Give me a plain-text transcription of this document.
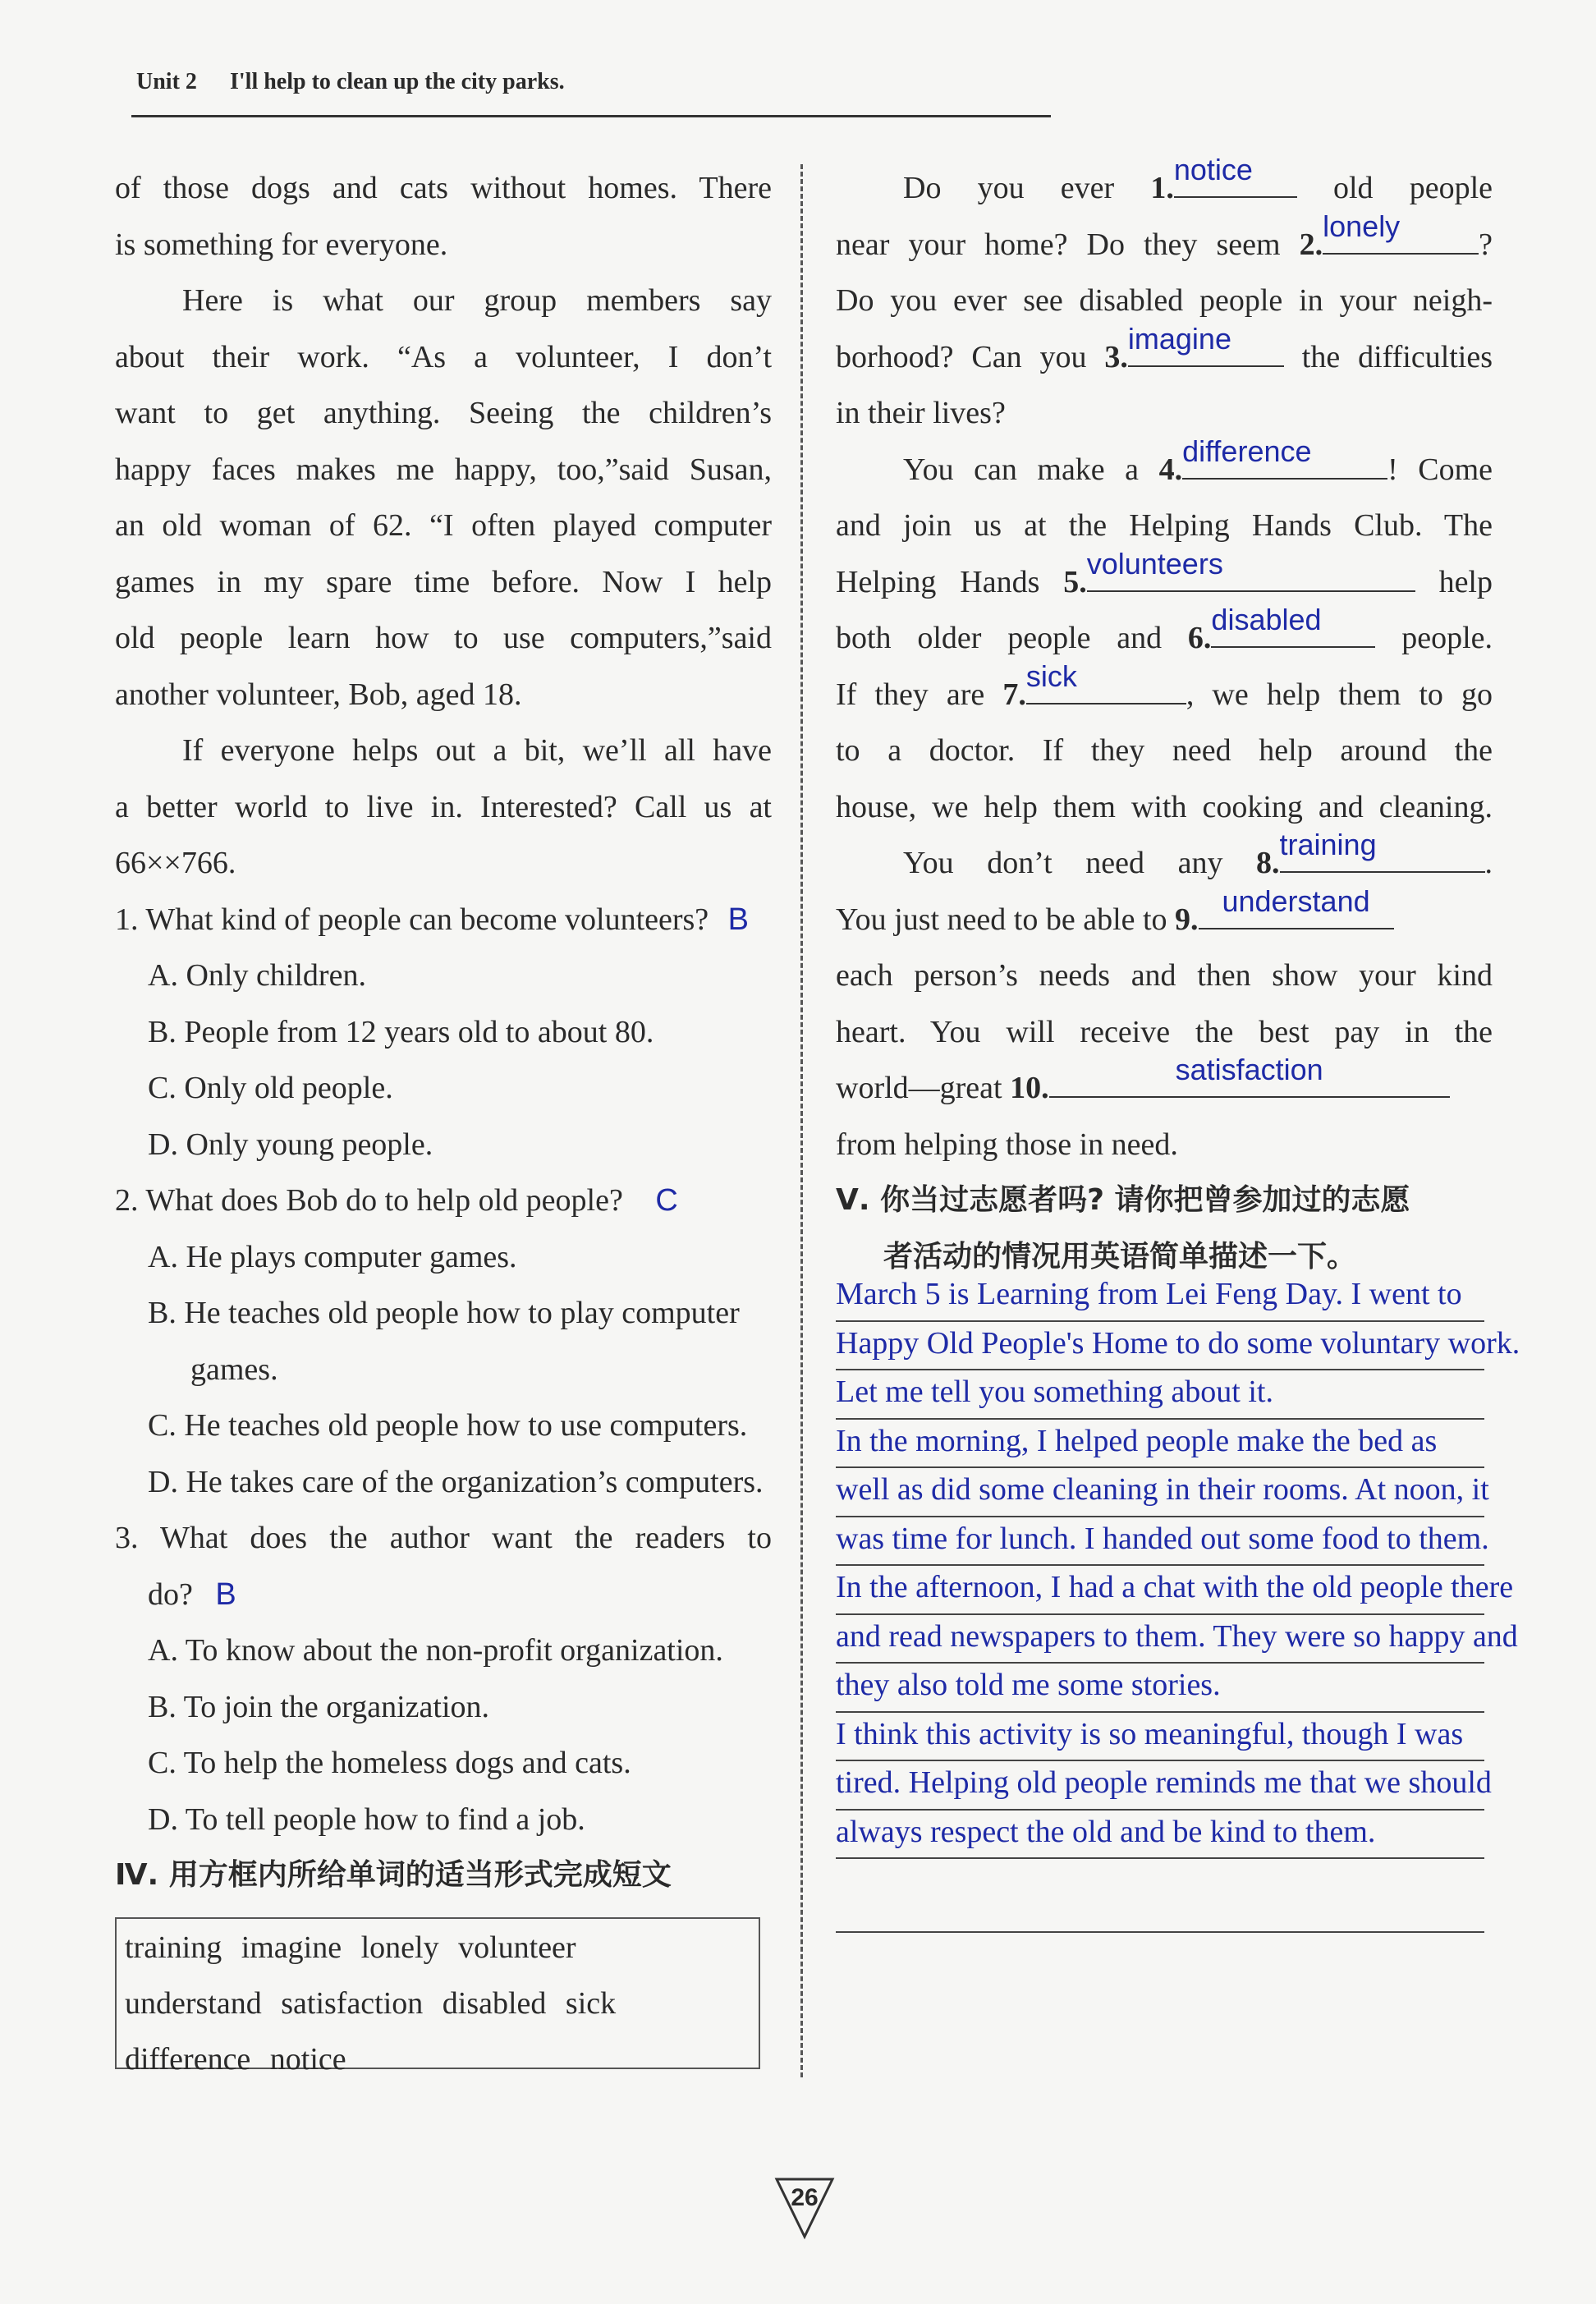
Unit 2 I'll help to clean up the city parks.
of those dogs and cats without homes. There
is something for everyone.
Here is what our group members say
about their work. “As a volunteer, I don’t
want to get anything. Seeing the children’s
happy faces makes me happy, too,”said Susan,
an old woman of 62. “I often played computer
games in my spare time before. Now I help
old people learn how to use computers,”said
another volunteer, Bob, aged 18.
If everyone helps out a bit, we’ll all have
a better world to live in. Interested? Call us at
66××766.
1. What kind of people can become volunteers? B
A. Only children.
B. People from 12 years old to about 80.
C. Only old people.
D. Only young people.
2. What does Bob do to help old people? C
A. He plays computer games.
B. He teaches old people how to play computer
games.
C. He teaches old people how to use computers.
D. He takes care of the organization’s computers.
3. What does the author want the readers to
do? B
A. To know about the non-profit organization.
B. To join the organization.
C. To help the homeless dogs and cats.
D. To tell people how to find a job.
Ⅳ. 用方框内所给单词的适当形式完成短文
training imagine lonely volunteer
understand satisfaction disabled sick
difference notice
Do you ever 1.
notice
old people
near your home? Do they seem 2.
lonely
?
Do you ever see disabled people in your neigh-
borhood? Can you 3.
imagine
the difficulties
in their lives?
You can make a 4.
difference
! Come
and join us at the Helping Hands Club. The
Helping Hands 5.
volunteers
help
both older people and 6.
disabled
people.
If they are 7.
sick
, we help them to go
to a doctor. If they need help around the
house, we help them with cooking and cleaning.
You don’t need any 8.
training
.
You just need to be able to 9.
understand
each person’s needs and then show your kind
heart. You will receive the best pay in the
world—great 10.
satisfaction
from helping those in need.
Ⅴ. 你当过志愿者吗? 请你把曾参加过的志愿
者活动的情况用英语简单描述一下。
March 5 is Learning from Lei Feng Day. I went to
Happy Old People's Home to do some voluntary work.
Let me tell you something about it.
In the morning, I helped people make the bed as
well as did some cleaning in their rooms. At noon, it
was time for lunch. I handed out some food to them.
In the afternoon, I had a chat with the old people there
and read newspapers to them. They were so happy and
they also told me some stories.
I think this activity is so meaningful, though I was
tired. Helping old people reminds me that we should
always respect the old and be kind to them.
26
